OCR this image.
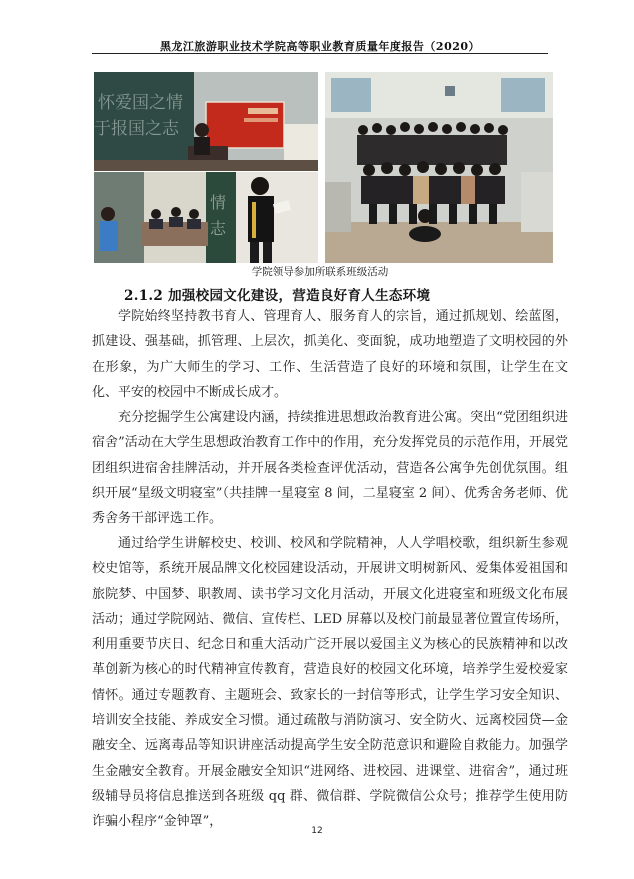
黑龙江旅游职业技术学院高等职业教育质量年度报告（2020）
怀爱国之情
于报国之志
情
志
学院领导参加所联系班级活动
2.1.2 加强校园文化建设，营造良好育人生态环境

学院始终坚持教书育人、管理育人、服务育人的宗旨，通过抓规划、绘蓝图，抓建设、强基础，抓管理、上层次，抓美化、变面貌，成功地塑造了文明校园的外在形象，为广大师生的学习、工作、生活营造了良好的环境和氛围，让学生在文化、平安的校园中不断成长成才。

充分挖掘学生公寓建设内涵，持续推进思想政治教育进公寓。突出“党团组织进宿舍”活动在大学生思想政治教育工作中的作用，充分发挥党员的示范作用，开展党团组织进宿舍挂牌活动，并开展各类检查评优活动，营造各公寓争先创优氛围。组织开展“星级文明寝室”（共挂牌一星寝室 8 间，二星寝室 2 间）、优秀舍务老师、优秀舍务干部评选工作。

通过给学生讲解校史、校训、校风和学院精神，人人学唱校歌，组织新生参观校史馆等，系统开展品牌文化校园建设活动，开展讲文明树新风、爱集体爱祖国和旅院梦、中国梦、职教周、读书学习文化月活动，开展文化进寝室和班级文化布展活动；通过学院网站、微信、宣传栏、LED 屏幕以及校门前最显著位置宣传场所，利用重要节庆日、纪念日和重大活动广泛开展以爱国主义为核心的民族精神和以改革创新为核心的时代精神宣传教育，营造良好的校园文化环境，培养学生爱校爱家情怀。通过专题教育、主题班会、致家长的一封信等形式，让学生学习安全知识、培训安全技能、养成安全习惯。通过疏散与消防演习、安全防火、远离校园贷—金融安全、远离毒品等知识讲座活动提高学生安全防范意识和避险自救能力。加强学生金融安全教育。开展金融安全知识“进网络、进校园、进课堂、进宿舍”，通过班级辅导员将信息推送到各班级 qq 群、微信群、学院微信公众号；推荐学生使用防诈骗小程序“金钟罩”，

12
